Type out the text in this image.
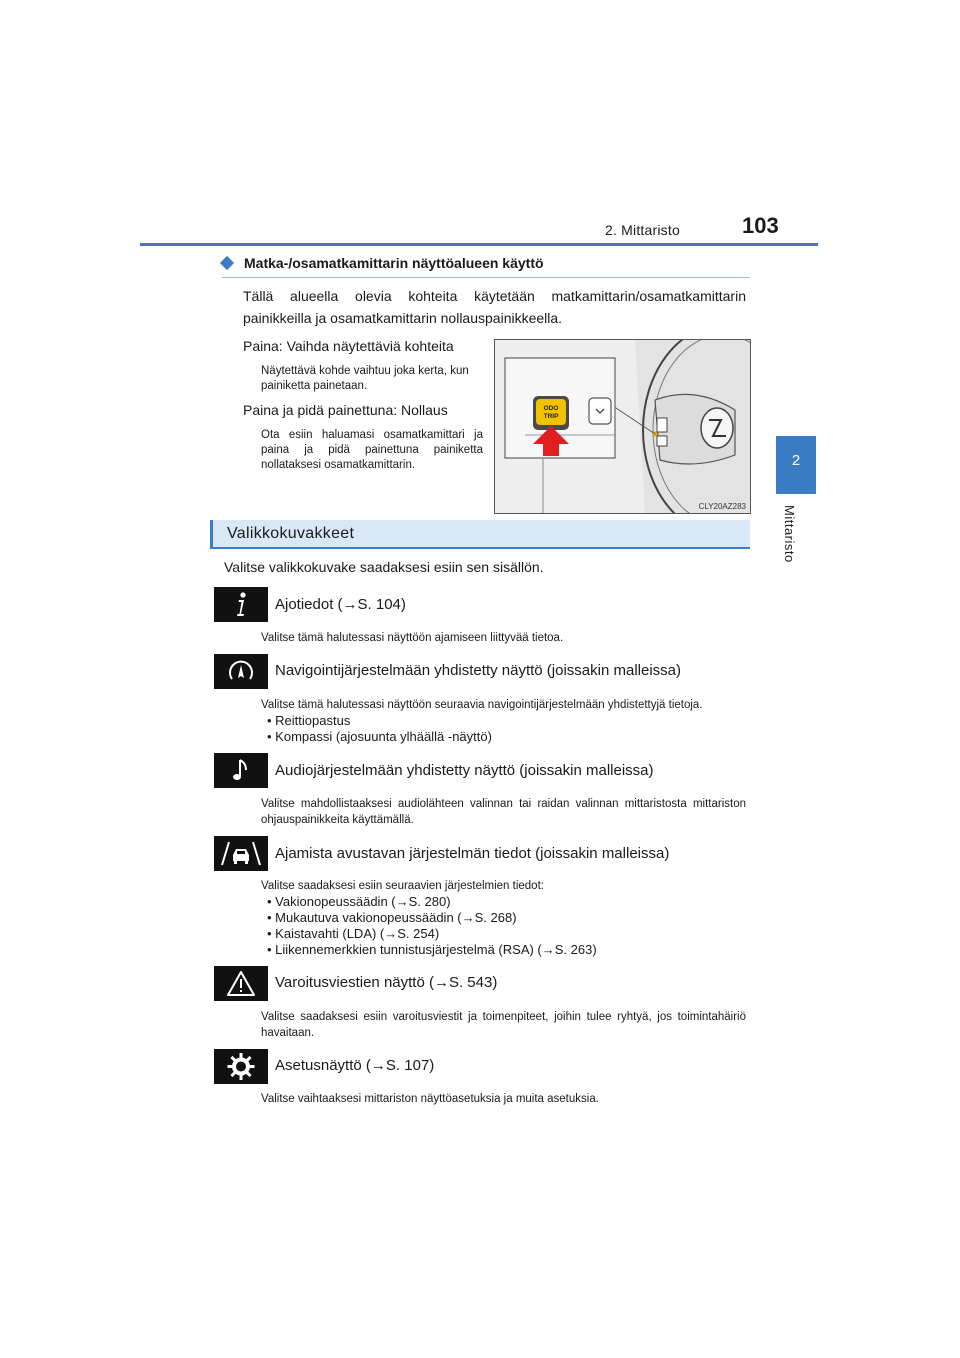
2. Mittaristo	103
2
Mittaristo
Matka-/osamatkamittarin näyttöalueen käyttö
Tällä alueella olevia kohteita käytetään matkamittarin/osamatkamittarin painikkeilla ja osamatkamittarin nollauspainikkeella.
Paina: Vaihda näytettäviä kohteita
Näytettävä kohde vaihtuu joka kerta, kun painiketta painetaan.
Paina ja pidä painettuna: Nollaus
Ota esiin haluamasi osamatkamittari ja paina ja pidä painettuna painiketta nollataksesi osamatkamittarin.
ODO
TRIP
CLY20AZ283
Valikkokuvakkeet
Valitse valikkokuvake saadaksesi esiin sen sisällön.
Ajotiedot (→S. 104)
Valitse tämä halutessasi näyttöön ajamiseen liittyvää tietoa.
Navigointijärjestelmään yhdistetty näyttö (joissakin malleissa)
Valitse tämä halutessasi näyttöön seuraavia navigointijärjestelmään yhdistettyjä tietoja.
• Reittiopastus
• Kompassi (ajosuunta ylhäällä -näyttö)
Audiojärjestelmään yhdistetty näyttö (joissakin malleissa)
Valitse mahdollistaaksesi audiolähteen valinnan tai raidan valinnan mittaristosta mittariston ohjauspainikkeita käyttämällä.
Ajamista avustavan järjestelmän tiedot (joissakin malleissa)
Valitse saadaksesi esiin seuraavien järjestelmien tiedot:
• Vakionopeussäädin (→S. 280)
• Mukautuva vakionopeussäädin (→S. 268)
• Kaistavahti (LDA) (→S. 254)
• Liikennemerkkien tunnistusjärjestelmä (RSA) (→S. 263)
Varoitusviestien näyttö (→S. 543)
Valitse saadaksesi esiin varoitusviestit ja toimenpiteet, joihin tulee ryhtyä, jos toimintahäiriö havaitaan.
Asetusnäyttö (→S. 107)
Valitse vaihtaaksesi mittariston näyttöasetuksia ja muita asetuksia.
